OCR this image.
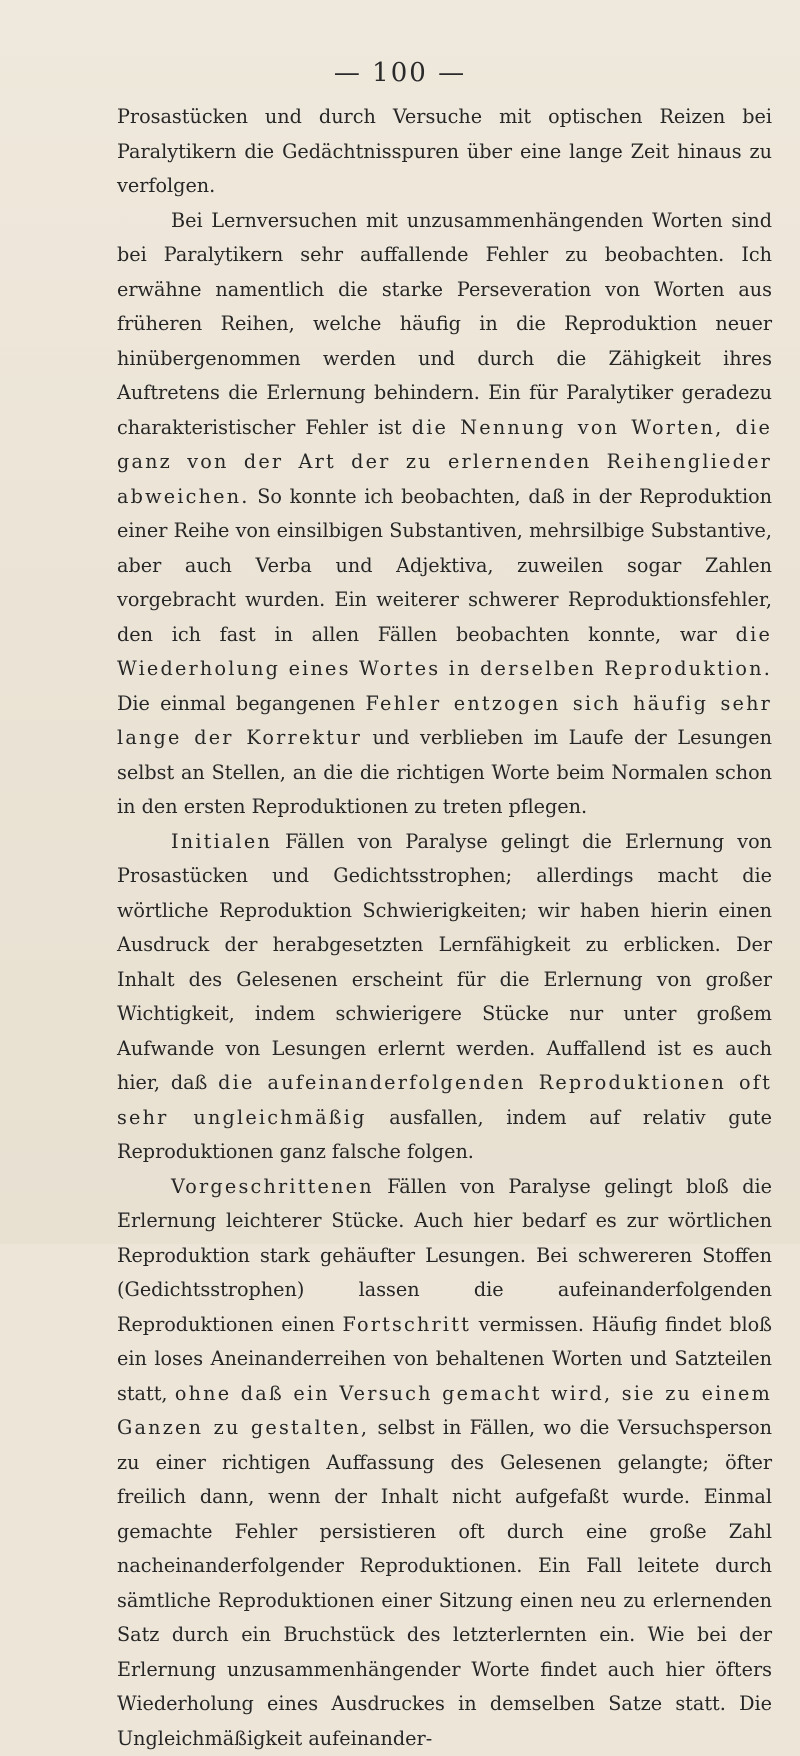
— 100 —

Prosastücken und durch Versuche mit optischen Reizen bei Paralytikern die Gedächtnisspuren über eine lange Zeit hinaus zu verfolgen.

Bei Lernversuchen mit unzusammenhängenden Worten sind bei Paralytikern sehr auffallende Fehler zu beobachten. Ich erwähne namentlich die starke Perseveration von Worten aus früheren Reihen, welche häufig in die Reproduktion neuer hinübergenommen werden und durch die Zähigkeit ihres Auftretens die Erlernung behindern. Ein für Paralytiker geradezu charakteristischer Fehler ist die Nennung von Worten, die ganz von der Art der zu erlernenden Reihenglieder abweichen. So konnte ich beobachten, daß in der Reproduktion einer Reihe von einsilbigen Substantiven, mehrsilbige Substantive, aber auch Verba und Adjektiva, zuweilen sogar Zahlen vorgebracht wurden. Ein weiterer schwerer Reproduktionsfehler, den ich fast in allen Fällen beobachten konnte, war die Wiederholung eines Wortes in derselben Reproduktion. Die einmal begangenen Fehler entzogen sich häufig sehr lange der Korrektur und verblieben im Laufe der Lesungen selbst an Stellen, an die die richtigen Worte beim Normalen schon in den ersten Reproduktionen zu treten pflegen.

Initialen Fällen von Paralyse gelingt die Erlernung von Prosastücken und Gedichtsstrophen; allerdings macht die wörtliche Reproduktion Schwierigkeiten; wir haben hierin einen Ausdruck der herabgesetzten Lernfähigkeit zu erblicken. Der Inhalt des Gelesenen erscheint für die Erlernung von großer Wichtigkeit, indem schwierigere Stücke nur unter großem Aufwande von Lesungen erlernt werden. Auffallend ist es auch hier, daß die aufeinanderfolgenden Reproduktionen oft sehr ungleichmäßig ausfallen, indem auf relativ gute Reproduktionen ganz falsche folgen.

Vorgeschrittenen Fällen von Paralyse gelingt bloß die Erlernung leichterer Stücke. Auch hier bedarf es zur wörtlichen Reproduktion stark gehäufter Lesungen. Bei schwereren Stoffen (Gedichtsstrophen) lassen die aufeinanderfolgenden Reproduktionen einen Fortschritt vermissen. Häufig findet bloß ein loses Aneinanderreihen von behaltenen Worten und Satzteilen statt, ohne daß ein Versuch gemacht wird, sie zu einem Ganzen zu gestalten, selbst in Fällen, wo die Versuchsperson zu einer richtigen Auffassung des Gelesenen gelangte; öfter freilich dann, wenn der Inhalt nicht aufgefaßt wurde. Einmal gemachte Fehler persistieren oft durch eine große Zahl nacheinanderfolgender Reproduktionen. Ein Fall leitete durch sämtliche Reproduktionen einer Sitzung einen neu zu erlernenden Satz durch ein Bruchstück des letzterlernten ein. Wie bei der Erlernung unzusammenhängender Worte findet auch hier öfters Wiederholung eines Ausdruckes in demselben Satze statt. Die Ungleichmäßigkeit aufeinander-
